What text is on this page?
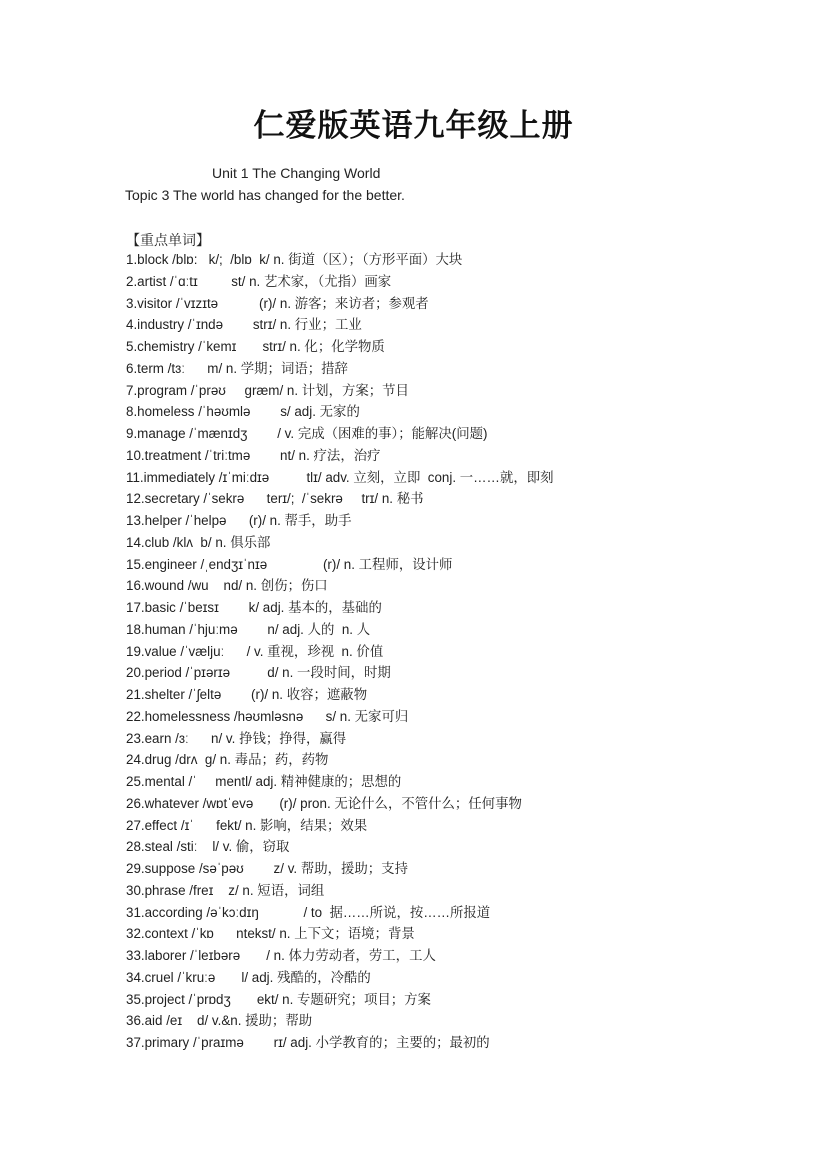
仁爱版英语九年级上册
Unit 1 The Changing World
Topic 3 The world has changed for the better.
【重点单词】
1.block /blɒ:   k/;  /blɒ  k/ n. 街道（区）；（方形平面）大块
2.artist /ˈɑːtɪ         st/ n. 艺术家，（尤指）画家
3.visitor /ˈvɪzɪtə           (r)/ n. 游客；来访者；参观者
4.industry /ˈɪndə        strɪ/ n. 行业；工业
5.chemistry /ˈkemɪ       strɪ/ n. 化；化学物质
6.term /tɜː      m/ n. 学期；词语；措辞
7.program /ˈprəʊ     græm/ n. 计划，方案；节目
8.homeless /ˈhəʊmlə        s/ adj. 无家的
9.manage /ˈmænɪdʒ        / v. 完成（困难的事）；能解决(问题)
10.treatment /ˈtriːtmə        nt/ n. 疗法，治疗
11.immediately /ɪˈmiːdɪə          tlɪ/ adv. 立刻，立即  conj. 一……就，即刻
12.secretary /ˈsekrə      terɪ/;  /ˈsekrə     trɪ/ n. 秘书
13.helper /ˈhelpə      (r)/ n. 帮手，助手
14.club /klʌ  b/ n. 俱乐部
15.engineer /ˌendʒɪˈnɪə               (r)/ n. 工程师，设计师
16.wound /wu    nd/ n. 创伤；伤口
17.basic /ˈbeɪsɪ        k/ adj. 基本的，基础的
18.human /ˈhjuːmə        n/ adj. 人的  n. 人
19.value /ˈvæljuː      / v. 重视，珍视  n. 价值
20.period /ˈpɪərɪə          d/ n. 一段时间，时期
21.shelter /ˈʃeltə        (r)/ n. 收容；遮蔽物
22.homelessness /həʊmləsnə      s/ n. 无家可归
23.earn /ɜː      n/ v. 挣钱；挣得，赢得
24.drug /drʌ  g/ n. 毒品；药，药物
25.mental /ˈ     mentl/ adj. 精神健康的；思想的
26.whatever /wɒtˈevə       (r)/ pron. 无论什么，不管什么；任何事物
27.effect /ɪˈ      fekt/ n. 影响，结果；效果
28.steal /stiː    l/ v. 偷，窃取
29.suppose /səˈpəʊ        z/ v. 帮助，援助；支持
30.phrase /freɪ    z/ n. 短语，词组
31.according /əˈkɔːdɪŋ            / to  据……所说，按……所报道
32.context /ˈkɒ      ntekst/ n. 上下文；语境；背景
33.laborer /ˈleɪbərə       / n. 体力劳动者，劳工，工人
34.cruel /ˈkruːə       l/ adj. 残酷的，冷酷的
35.project /ˈprɒdʒ       ekt/ n. 专题研究；项目；方案
36.aid /eɪ    d/ v.&n. 援助；帮助
37.primary /ˈpraɪmə        rɪ/ adj. 小学教育的；主要的；最初的
